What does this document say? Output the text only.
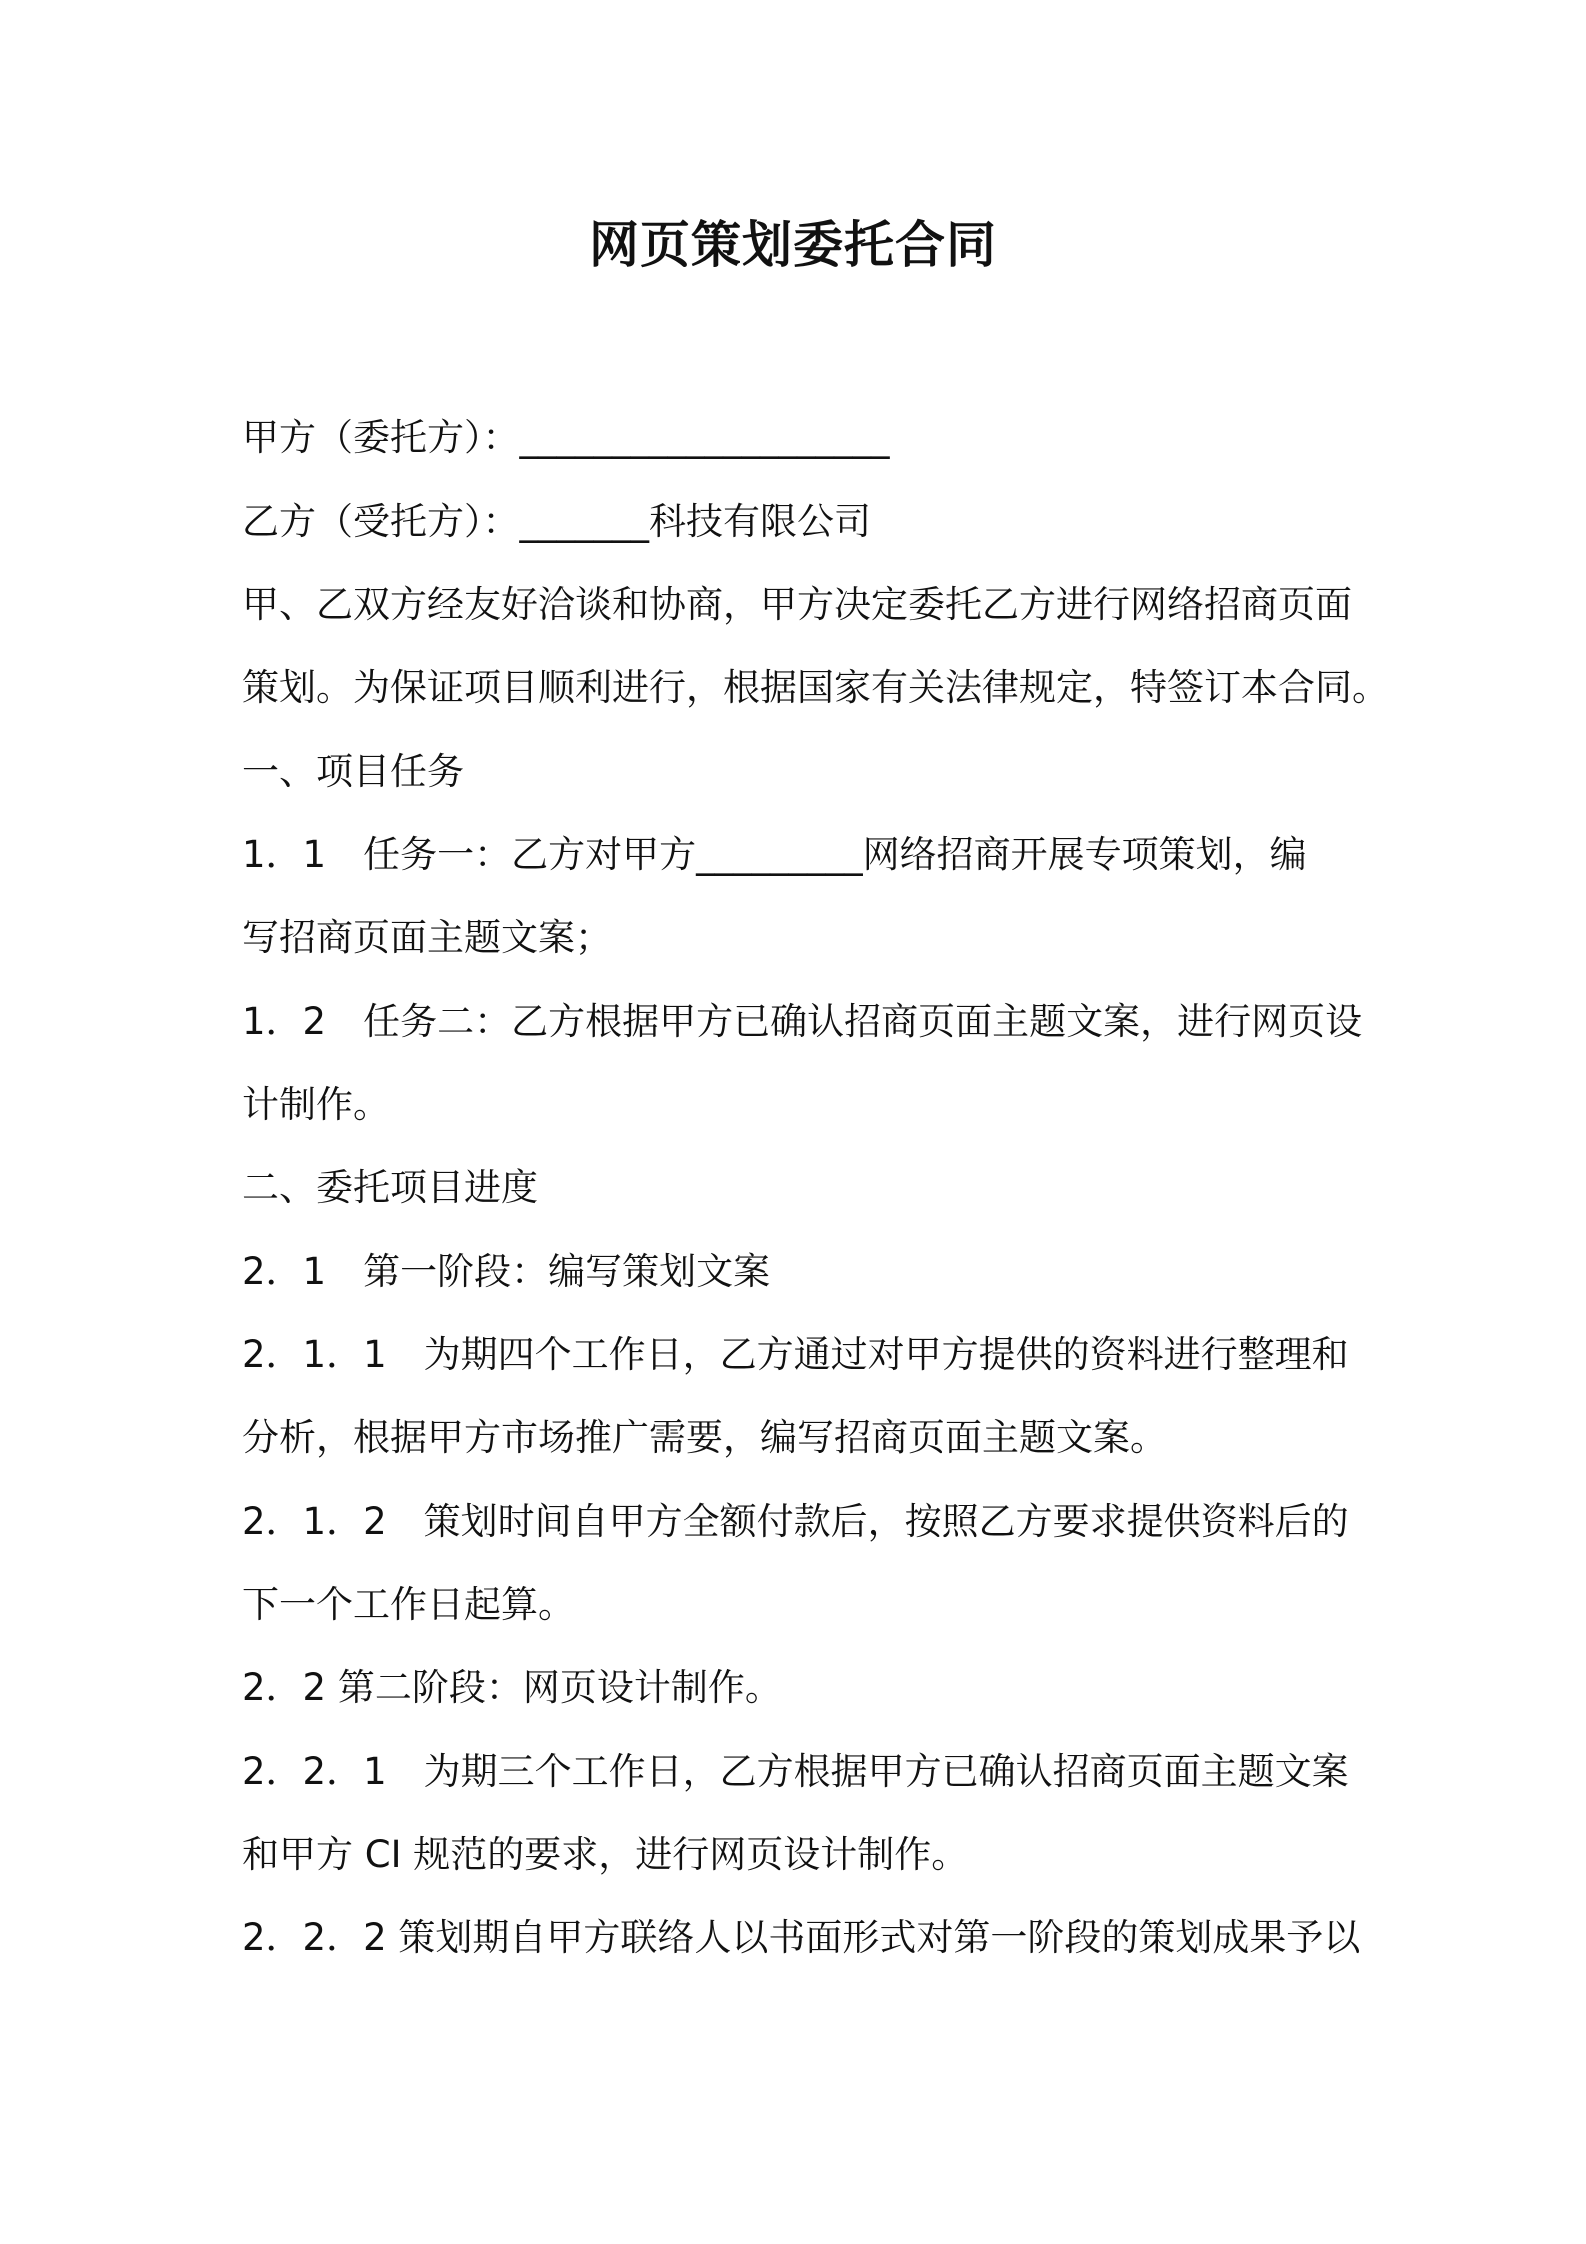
网页策划委托合同
甲方（委托方）：____________________
乙方（受托方）：_______科技有限公司
甲、乙双方经友好洽谈和协商，甲方决定委托乙方进行网络招商页面
策划。为保证项目顺利进行，根据国家有关法律规定，特签订本合同。
一、项目任务
1．1　任务一：乙方对甲方_________网络招商开展专项策划，编
写招商页面主题文案；
1．2　任务二：乙方根据甲方已确认招商页面主题文案，进行网页设
计制作。
二、委托项目进度
2．1　第一阶段：编写策划文案
2．1．1　为期四个工作日，乙方通过对甲方提供的资料进行整理和
分析，根据甲方市场推广需要，编写招商页面主题文案。
2．1．2　策划时间自甲方全额付款后，按照乙方要求提供资料后的
下一个工作日起算。
2．2 第二阶段：网页设计制作。
2．2．1　为期三个工作日，乙方根据甲方已确认招商页面主题文案
和甲方 CI 规范的要求，进行网页设计制作。
2．2．2 策划期自甲方联络人以书面形式对第一阶段的策划成果予以
